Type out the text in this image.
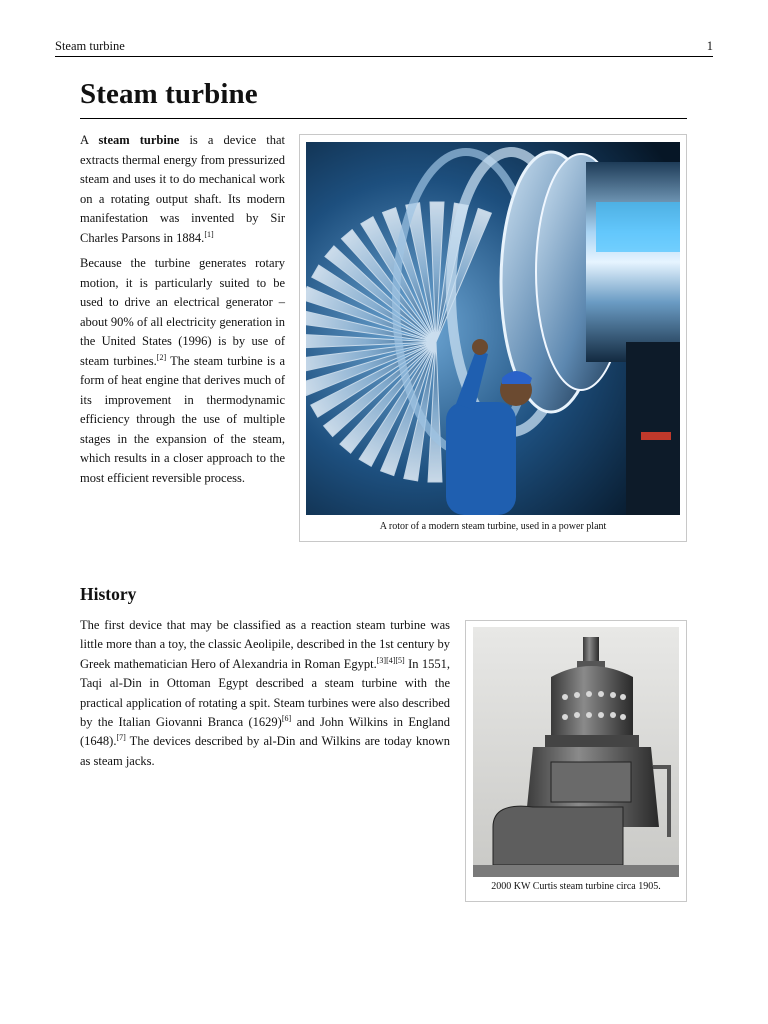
Steam turbine	1
Steam turbine

A steam turbine is a device that extracts thermal energy from pressurized steam and uses it to do mechanical work on a rotating output shaft. Its modern manifestation was invented by Sir Charles Parsons in 1884.[1]

Because the turbine generates rotary motion, it is particularly suited to be used to drive an electrical generator – about 90% of all electricity generation in the United States (1996) is by use of steam turbines.[2] The steam turbine is a form of heat engine that derives much of its improvement in thermodynamic efficiency through the use of multiple stages in the expansion of the steam, which results in a closer approach to the most efficient reversible process.

A rotor of a modern steam turbine, used in a power plant
History

The first device that may be classified as a reaction steam turbine was little more than a toy, the classic Aeolipile, described in the 1st century by Greek mathematician Hero of Alexandria in Roman Egypt.[3][4][5] In 1551, Taqi al-Din in Ottoman Egypt described a steam turbine with the practical application of rotating a spit. Steam turbines were also described by the Italian Giovanni Branca (1629)[6] and John Wilkins in England (1648).[7] The devices described by al-Din and Wilkins are today known as steam jacks.

2000 KW Curtis steam turbine circa 1905.
